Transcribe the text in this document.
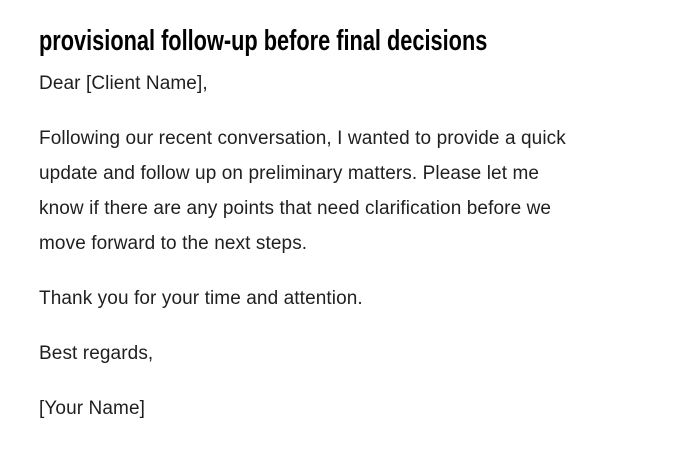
provisional follow-up before final decisions

Dear [Client Name],

Following our recent conversation, I wanted to provide a quick
update and follow up on preliminary matters. Please let me
know if there are any points that need clarification before we
move forward to the next steps.

Thank you for your time and attention.

Best regards,

[Your Name]
